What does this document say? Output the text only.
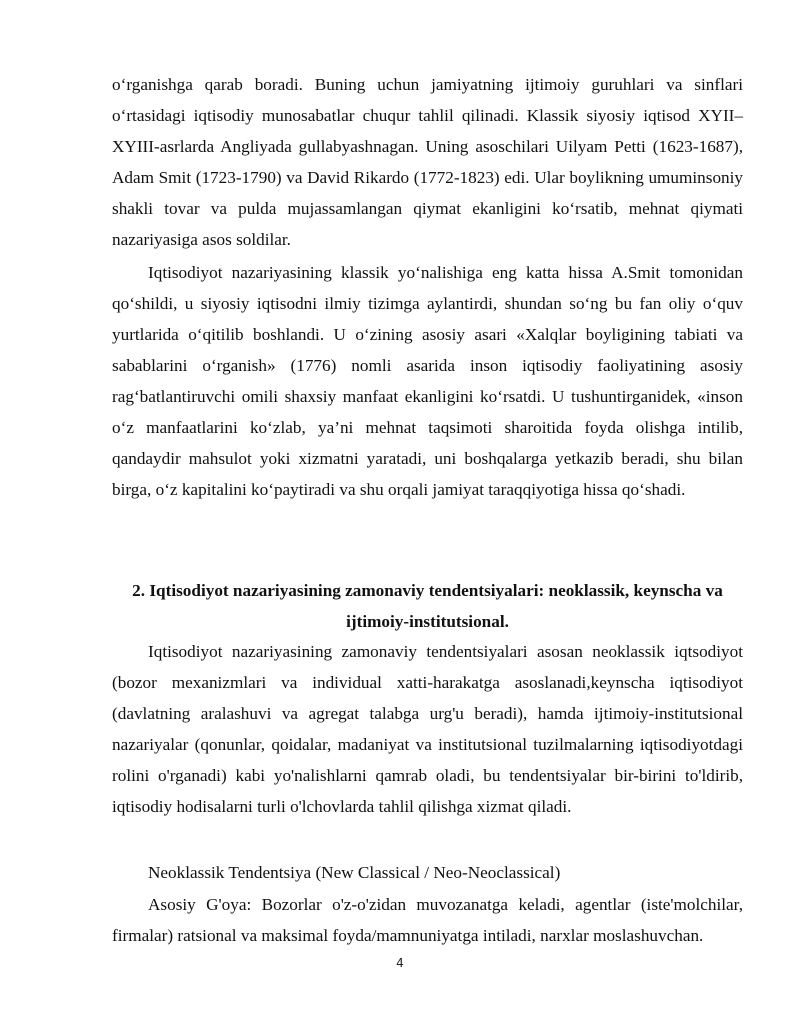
o‘rganishga qarab boradi. Buning uchun jamiyatning ijtimoiy guruhlari va sinflari o‘rtasidagi iqtisodiy munosabatlar chuqur tahlil qilinadi. Klassik siyosiy iqtisod XYII–XYIII-asrlarda Angliyada gullabyashnagan. Uning asoschilari Uilyam Petti (1623-1687), Adam Smit (1723-1790) va David Rikardo (1772-1823) edi. Ular boylikning umuminsoniy shakli tovar va pulda mujassamlangan qiymat ekanligini ko‘rsatib, mehnat qiymati nazariyasiga asos soldilar.

Iqtisodiyot nazariyasining klassik yo‘nalishiga eng katta hissa A.Smit tomonidan qo‘shildi, u siyosiy iqtisodni ilmiy tizimga aylantirdi, shundan so‘ng bu fan oliy o‘quv yurtlarida o‘qitilib boshlandi. U o‘zining asosiy asari «Xalqlar boyligining tabiati va sabablarini o‘rganish» (1776) nomli asarida inson iqtisodiy faoliyatining asosiy rag‘batlantiruvchi omili shaxsiy manfaat ekanligini ko‘rsatdi. U tushuntirganidek, «inson o‘z manfaatlarini ko‘zlab, ya’ni mehnat taqsimoti sharoitida foyda olishga intilib, qandaydir mahsulot yoki xizmatni yaratadi, uni boshqalarga yetkazib beradi, shu bilan birga, o‘z kapitalini ko‘paytiradi va shu orqali jamiyat taraqqiyotiga hissa qo‘shadi.

2. Iqtisodiyot nazariyasining zamonaviy tendentsiyalari: neoklassik, keynscha va ijtimoiy-institutsional.

Iqtisodiyot nazariyasining zamonaviy tendentsiyalari asosan neoklassik iqtsodiyot (bozor mexanizmlari va individual xatti-harakatga asoslanadi,keynscha iqtisodiyot (davlatning aralashuvi va agregat talabga urg'u beradi), hamda ijtimoiy-institutsional nazariyalar (qonunlar, qoidalar, madaniyat va institutsional tuzilmalarning iqtisodiyotdagi rolini o'rganadi) kabi yo'nalishlarni qamrab oladi, bu tendentsiyalar bir-birini to'ldirib, iqtisodiy hodisalarni turli o'lchovlarda tahlil qilishga xizmat qiladi.

Neoklassik Tendentsiya (New Classical / Neo-Neoclassical)

Asosiy G'oya: Bozorlar o'z-o'zidan muvozanatga keladi, agentlar (iste'molchilar, firmalar) ratsional va maksimal foyda/mamnuniyatga intiladi, narxlar moslashuvchan.

4
